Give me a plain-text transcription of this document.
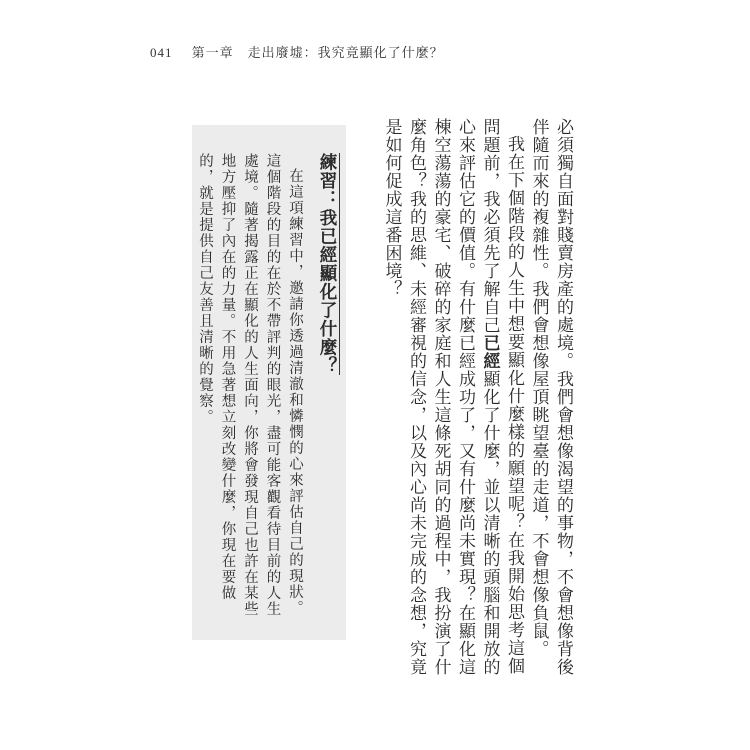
041 第一章　走出廢墟：我究竟顯化了什麼？

必須獨自面對賤賣房產的處境。我們會想像渴望的事物，不會想像背後伴隨而來的複雜性。我們會想像屋頂眺望臺的走道，不會想像負鼠。

我在下個階段的人生中想要顯化什麼樣的願望呢？在我開始思考這個問題前，我必須先了解自己已經顯化了什麼，並以清晰的頭腦和開放的心來評估它的價值。有什麼已經成功了，又有什麼尚未實現？在顯化這棟空蕩蕩的豪宅、破碎的家庭和人生這條死胡同的過程中，我扮演了什麼角色？我的思維、未經審視的信念，以及內心尚未完成的念想，究竟是如何促成這番困境？

練習：我已經顯化了什麼？

在這項練習中，邀請你透過清澈和憐憫的心來評估自己的現狀。這個階段的目的在於不帶評判的眼光，盡可能客觀看待目前的人生處境。隨著揭露正在顯化的人生面向，你將會發現自己也許在某些地方壓抑了內在的力量。不用急著想立刻改變什麼，你現在要做的，就是提供自己友善且清晰的覺察。
